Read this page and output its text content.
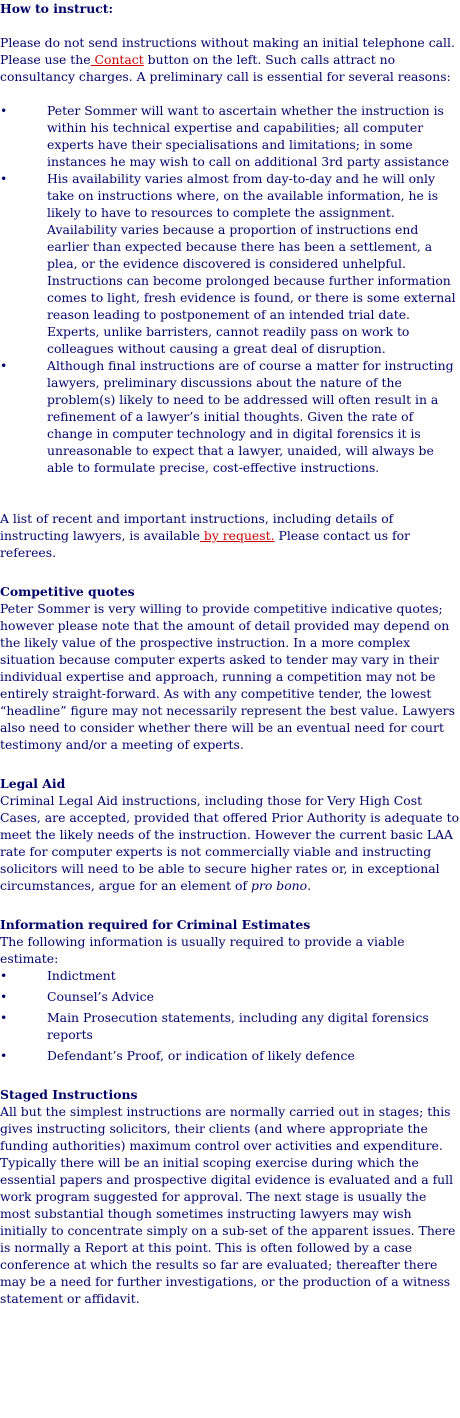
How to instruct:

Please do not send instructions without making an initial telephone call. Please use the Contact button on the left. Such calls attract no consultancy charges. A preliminary call is essential for several reasons:

•	Peter Sommer will want to ascertain whether the instruction is within his technical expertise and capabilities; all computer experts have their specialisations and limitations; in some instances he may wish to call on additional 3rd party assistance
•	His availability varies almost from day-to-day and he will only take on instructions where, on the available information, he is likely to have to resources to complete the assignment. Availability varies because a proportion of instructions end earlier than expected because there has been a settlement, a plea, or the evidence discovered is considered unhelpful. Instructions can become prolonged because further information comes to light, fresh evidence is found, or there is some external reason leading to postponement of an intended trial date. Experts, unlike barristers, cannot readily pass on work to colleagues without causing a great deal of disruption.
•	Although final instructions are of course a matter for instructing lawyers, preliminary discussions about the nature of the problem(s) likely to need to be addressed will often result in a refinement of a lawyer’s initial thoughts. Given the rate of change in computer technology and in digital forensics it is unreasonable to expect that a lawyer, unaided, will always be able to formulate precise, cost-effective instructions.

A list of recent and important instructions, including details of instructing lawyers, is available by request. Please contact us for referees.

Competitive quotes

Peter Sommer is very willing to provide competitive indicative quotes; however please note that the amount of detail provided may depend on the likely value of the prospective instruction. In a more complex situation because computer experts asked to tender may vary in their individual expertise and approach, running a competition may not be entirely straight-forward. As with any competitive tender, the lowest “headline” figure may not necessarily represent the best value. Lawyers also need to consider whether there will be an eventual need for court testimony and/or a meeting of experts.

Legal Aid

Criminal Legal Aid instructions, including those for Very High Cost Cases, are accepted, provided that offered Prior Authority is adequate to meet the likely needs of the instruction. However the current basic LAA rate for computer experts is not commercially viable and instructing solicitors will need to be able to secure higher rates or, in exceptional circumstances, argue for an element of pro bono.

Information required for Criminal Estimates

The following information is usually required to provide a viable estimate:

•	Indictment
•	Counsel’s Advice
•	Main Prosecution statements, including any digital forensics reports
•	Defendant’s Proof, or indication of likely defence

Staged Instructions

All but the simplest instructions are normally carried out in stages; this gives instructing solicitors, their clients (and where appropriate the funding authorities) maximum control over activities and expenditure. Typically there will be an initial scoping exercise during which the essential papers and prospective digital evidence is evaluated and a full work program suggested for approval. The next stage is usually the most substantial though sometimes instructing lawyers may wish initially to concentrate simply on a sub-set of the apparent issues. There is normally a Report at this point. This is often followed by a case conference at which the results so far are evaluated; thereafter there may be a need for further investigations, or the production of a witness statement or affidavit.
